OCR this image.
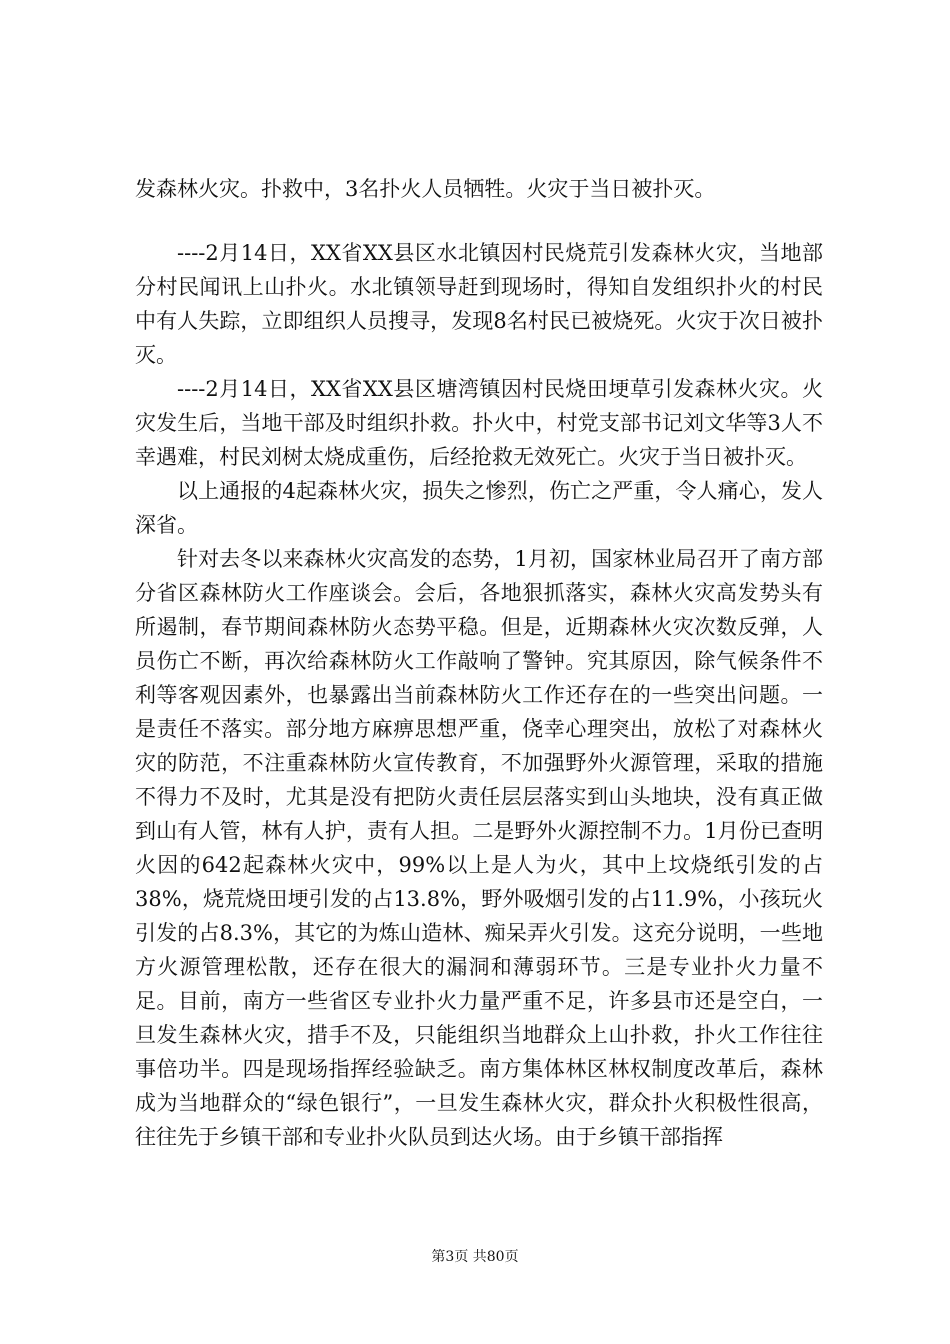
发森林火灾。扑救中，3名扑火人员牺牲。火灾于当日被扑灭。

----2月14日，XX省XX县区水北镇因村民烧荒引发森林火灾，当地部分村民闻讯上山扑火。水北镇领导赶到现场时，得知自发组织扑火的村民中有人失踪，立即组织人员搜寻，发现8名村民已被烧死。火灾于次日被扑灭。

----2月14日，XX省XX县区塘湾镇因村民烧田埂草引发森林火灾。火灾发生后，当地干部及时组织扑救。扑火中，村党支部书记刘文华等3人不幸遇难，村民刘树太烧成重伤，后经抢救无效死亡。火灾于当日被扑灭。

以上通报的4起森林火灾，损失之惨烈，伤亡之严重，令人痛心，发人深省。

针对去冬以来森林火灾高发的态势，1月初，国家林业局召开了南方部分省区森林防火工作座谈会。会后，各地狠抓落实，森林火灾高发势头有所遏制，春节期间森林防火态势平稳。但是，近期森林火灾次数反弹，人员伤亡不断，再次给森林防火工作敲响了警钟。究其原因，除气候条件不利等客观因素外，也暴露出当前森林防火工作还存在的一些突出问题。一是责任不落实。部分地方麻痹思想严重，侥幸心理突出，放松了对森林火灾的防范，不注重森林防火宣传教育，不加强野外火源管理，采取的措施不得力不及时，尤其是没有把防火责任层层落实到山头地块，没有真正做到山有人管，林有人护，责有人担。二是野外火源控制不力。1月份已查明火因的642起森林火灾中，99%以上是人为火，其中上坟烧纸引发的占38%，烧荒烧田埂引发的占13.8%，野外吸烟引发的占11.9%，小孩玩火引发的占8.3%，其它的为炼山造林、痴呆弄火引发。这充分说明，一些地方火源管理松散，还存在很大的漏洞和薄弱环节。三是专业扑火力量不足。目前，南方一些省区专业扑火力量严重不足，许多县市还是空白，一旦发生森林火灾，措手不及，只能组织当地群众上山扑救，扑火工作往往事倍功半。四是现场指挥经验缺乏。南方集体林区林权制度改革后，森林成为当地群众的“绿色银行”，一旦发生森林火灾，群众扑火积极性很高，往往先于乡镇干部和专业扑火队员到达火场。由于乡镇干部指挥

第3页 共80页
